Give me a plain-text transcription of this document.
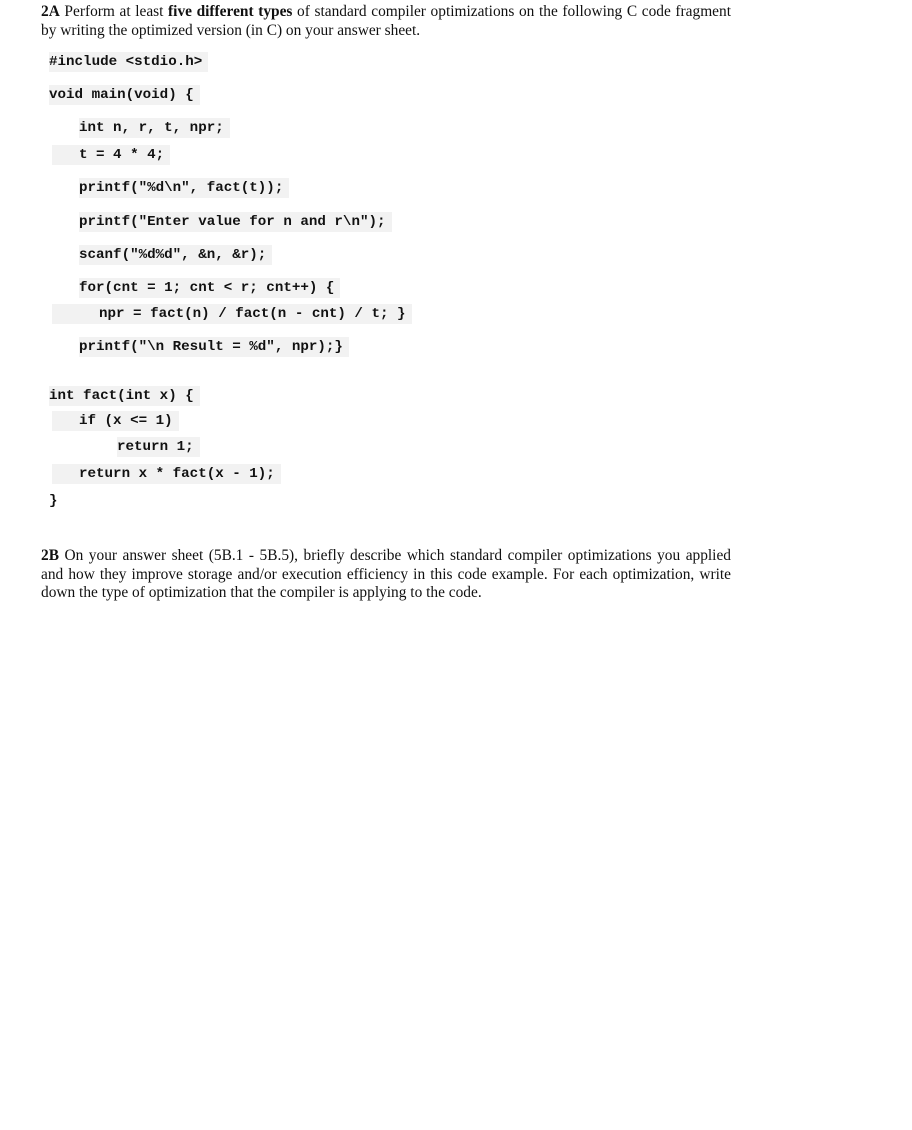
2A Perform at least five different types of standard compiler optimizations on the following C code fragment by writing the optimized version (in C) on your answer sheet.
#include <stdio.h>
void main(void) {
int n, r, t, npr;
t = 4 * 4;
printf("%d\n", fact(t));
printf("Enter value for n and r\n");
scanf("%d%d", &n, &r);
for(cnt = 1; cnt < r; cnt++) {
npr = fact(n) / fact(n - cnt) / t; }
printf("\n Result = %d", npr);}
int fact(int x) {
if (x <= 1)
return 1;
return x * fact(x - 1);
}
2B On your answer sheet (5B.1 - 5B.5), briefly describe which standard compiler optimizations you applied and how they improve storage and/or execution efficiency in this code example. For each optimization, write down the type of optimization that the compiler is applying to the code.
